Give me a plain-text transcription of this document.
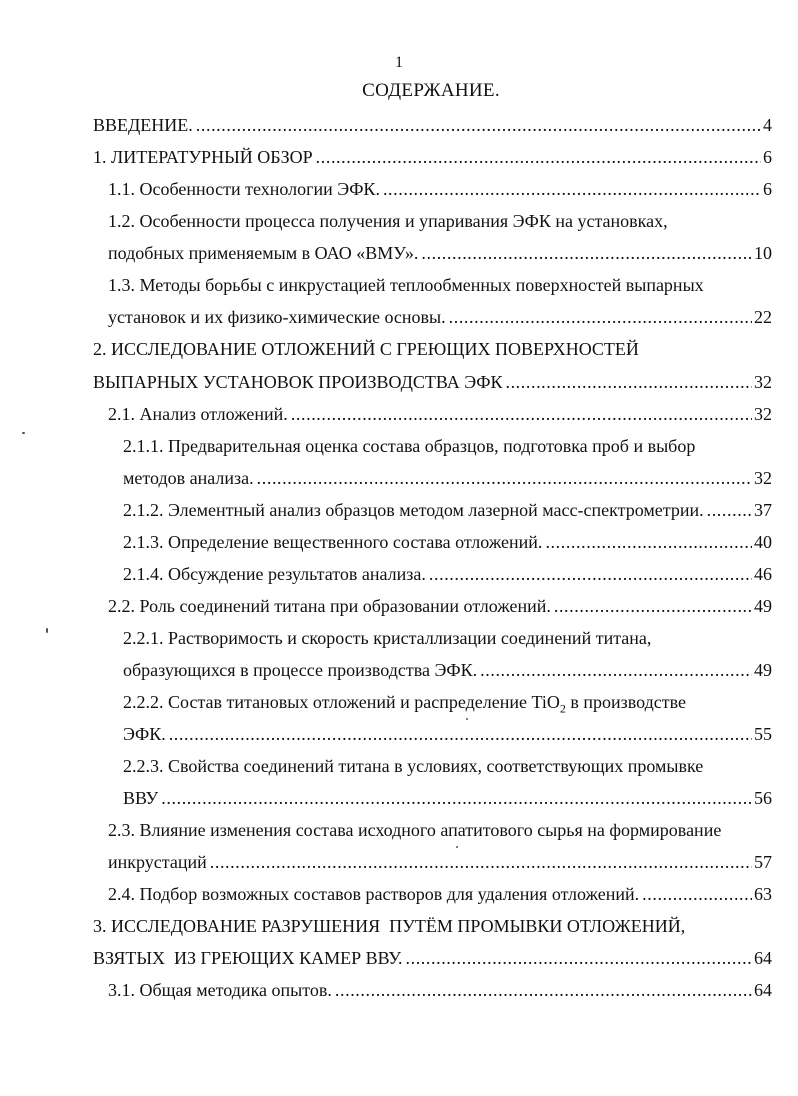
1
СОДЕРЖАНИЕ.
ВВЕДЕНИЕ. .....	4
1. ЛИТЕРАТУРНЫЙ ОБЗОР .....	6
1.1. Особенности технологии ЭФК. .....	6
1.2. Особенности процесса получения и упаривания ЭФК на установках,
подобных применяемым в ОАО «ВМУ». .....	10
1.3. Методы борьбы с инкрустацией теплообменных поверхностей выпарных
установок и их физико-химические основы. .....	22
2. ИССЛЕДОВАНИЕ ОТЛОЖЕНИЙ С ГРЕЮЩИХ ПОВЕРХНОСТЕЙ
ВЫПАРНЫХ УСТАНОВОК ПРОИЗВОДСТВА ЭФК .....	32
2.1. Анализ отложений. .....	32
2.1.1. Предварительная оценка состава образцов, подготовка проб и выбор
методов анализа. .....	32
2.1.2. Элементный анализ образцов методом лазерной масс-спектрометрии. .....	37
2.1.3. Определение вещественного состава отложений. .....	40
2.1.4. Обсуждение результатов анализа. .....	46
2.2. Роль соединений титана при образовании отложений. .....	49
2.2.1. Растворимость и скорость кристаллизации соединений титана,
образующихся в процессе производства ЭФК. .....	49
2.2.2. Состав титановых отложений и распределение TiO$_2$ в производстве
ЭФК. .....	55
2.2.3. Свойства соединений титана в условиях, соответствующих промывке
ВВУ .....	56
2.3. Влияние изменения состава исходного апатитового сырья на формирование
инкрустаций .....	57
2.4. Подбор возможных составов растворов для удаления отложений. .....	63
3. ИССЛЕДОВАНИЕ РАЗРУШЕНИЯ  ПУТЁМ ПРОМЫВКИ ОТЛОЖЕНИЙ,
ВЗЯТЫХ  ИЗ ГРЕЮЩИХ КАМЕР ВВУ. .....	64
3.1. Общая методика опытов. .....	64
